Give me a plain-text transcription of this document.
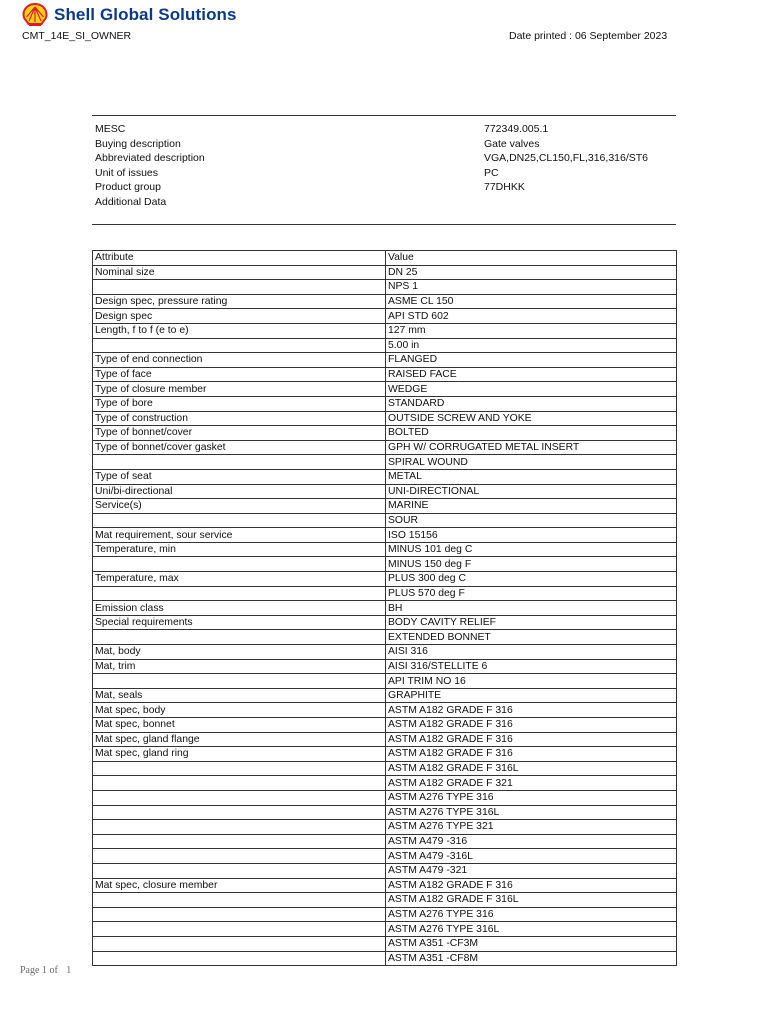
Shell Global Solutions
CMT_14E_SI_OWNER	Date printed : 06 September 2023
MESC	772349.005.1
Buying description	Gate valves
Abbreviated description	VGA,DN25,CL150,FL,316,316/ST6
Unit of issues	PC
Product group	77DHKK
Additional Data
Attribute	Value
Nominal size	DN 25
	NPS 1
Design spec, pressure rating	ASME CL 150
Design spec	API STD 602
Length, f to f (e to e)	127 mm
	5.00 in
Type of end connection	FLANGED
Type of face	RAISED FACE
Type of closure member	WEDGE
Type of bore	STANDARD
Type of construction	OUTSIDE SCREW AND YOKE
Type of bonnet/cover	BOLTED
Type of bonnet/cover gasket	GPH W/ CORRUGATED METAL INSERT
	SPIRAL WOUND
Type of seat	METAL
Uni/bi-directional	UNI-DIRECTIONAL
Service(s)	MARINE
	SOUR
Mat requirement, sour service	ISO 15156
Temperature, min	MINUS 101 deg C
	MINUS 150 deg F
Temperature, max	PLUS 300 deg C
	PLUS 570 deg F
Emission class	BH
Special requirements	BODY CAVITY RELIEF
	EXTENDED BONNET
Mat, body	AISI 316
Mat, trim	AISI 316/STELLITE 6
	API TRIM NO 16
Mat, seals	GRAPHITE
Mat spec, body	ASTM A182 GRADE F 316
Mat spec, bonnet	ASTM A182 GRADE F 316
Mat spec, gland flange	ASTM A182 GRADE F 316
Mat spec, gland ring	ASTM A182 GRADE F 316
	ASTM A182 GRADE F 316L
	ASTM A182 GRADE F 321
	ASTM A276 TYPE 316
	ASTM A276 TYPE 316L
	ASTM A276 TYPE 321
	ASTM A479 -316
	ASTM A479 -316L
	ASTM A479 -321
Mat spec, closure member	ASTM A182 GRADE F 316
	ASTM A182 GRADE F 316L
	ASTM A276 TYPE 316
	ASTM A276 TYPE 316L
	ASTM A351 -CF3M
	ASTM A351 -CF8M
Page 1 of 1
